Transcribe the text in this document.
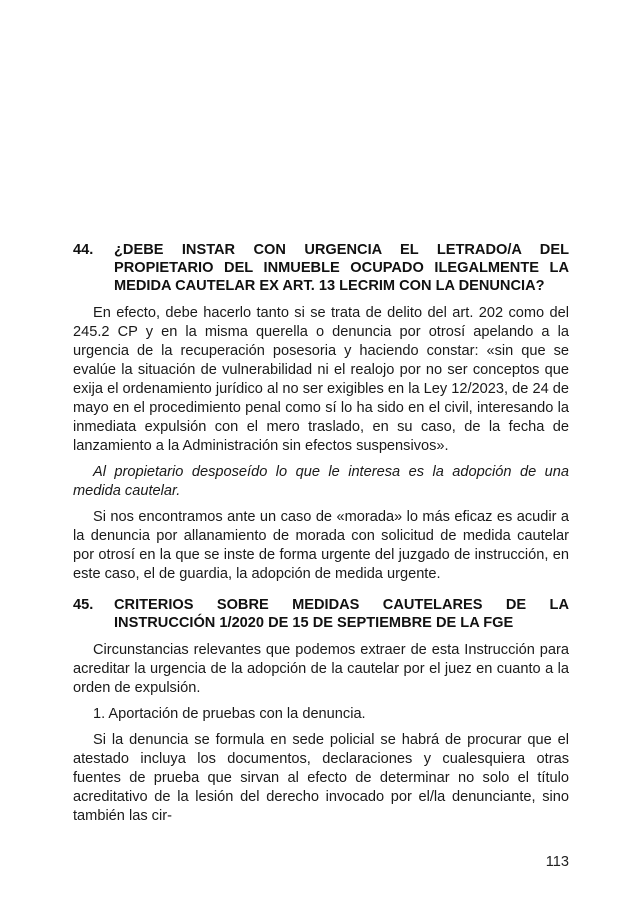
44.	¿DEBE INSTAR CON URGENCIA EL LETRADO/A DEL PROPIETARIO DEL INMUEBLE OCUPADO ILEGALMENTE LA MEDIDA CAUTELAR EX ART. 13 LECRIM CON LA DENUNCIA?

En efecto, debe hacerlo tanto si se trata de delito del art. 202 como del 245.2 CP y en la misma querella o denuncia por otrosí apelando a la urgencia de la recuperación posesoria y haciendo constar: «sin que se evalúe la situación de vulnerabilidad ni el realojo por no ser conceptos que exija el ordenamiento jurídico al no ser exigibles en la Ley 12/2023, de 24 de mayo en el procedimiento penal como sí lo ha sido en el civil, interesando la inmediata expulsión con el mero traslado, en su caso, de la fecha de lanzamiento a la Administración sin efectos suspensivos».

Al propietario desposeído lo que le interesa es la adopción de una medida cautelar.

Si nos encontramos ante un caso de «morada» lo más eficaz es acudir a la denuncia por allanamiento de morada con solicitud de medida cautelar por otrosí en la que se inste de forma urgente del juzgado de instrucción, en este caso, el de guardia, la adopción de medida urgente.

45.	CRITERIOS SOBRE MEDIDAS CAUTELARES DE LA INSTRUCCIÓN 1/2020 DE 15 DE SEPTIEMBRE DE LA FGE

Circunstancias relevantes que podemos extraer de esta Instrucción para acreditar la urgencia de la adopción de la cautelar por el juez en cuanto a la orden de expulsión.

1. Aportación de pruebas con la denuncia.

Si la denuncia se formula en sede policial se habrá de procurar que el atestado incluya los documentos, declaraciones y cualesquiera otras fuentes de prueba que sirvan al efecto de determinar no solo el título acreditativo de la lesión del derecho invocado por el/la denunciante, sino también las cir-

113
